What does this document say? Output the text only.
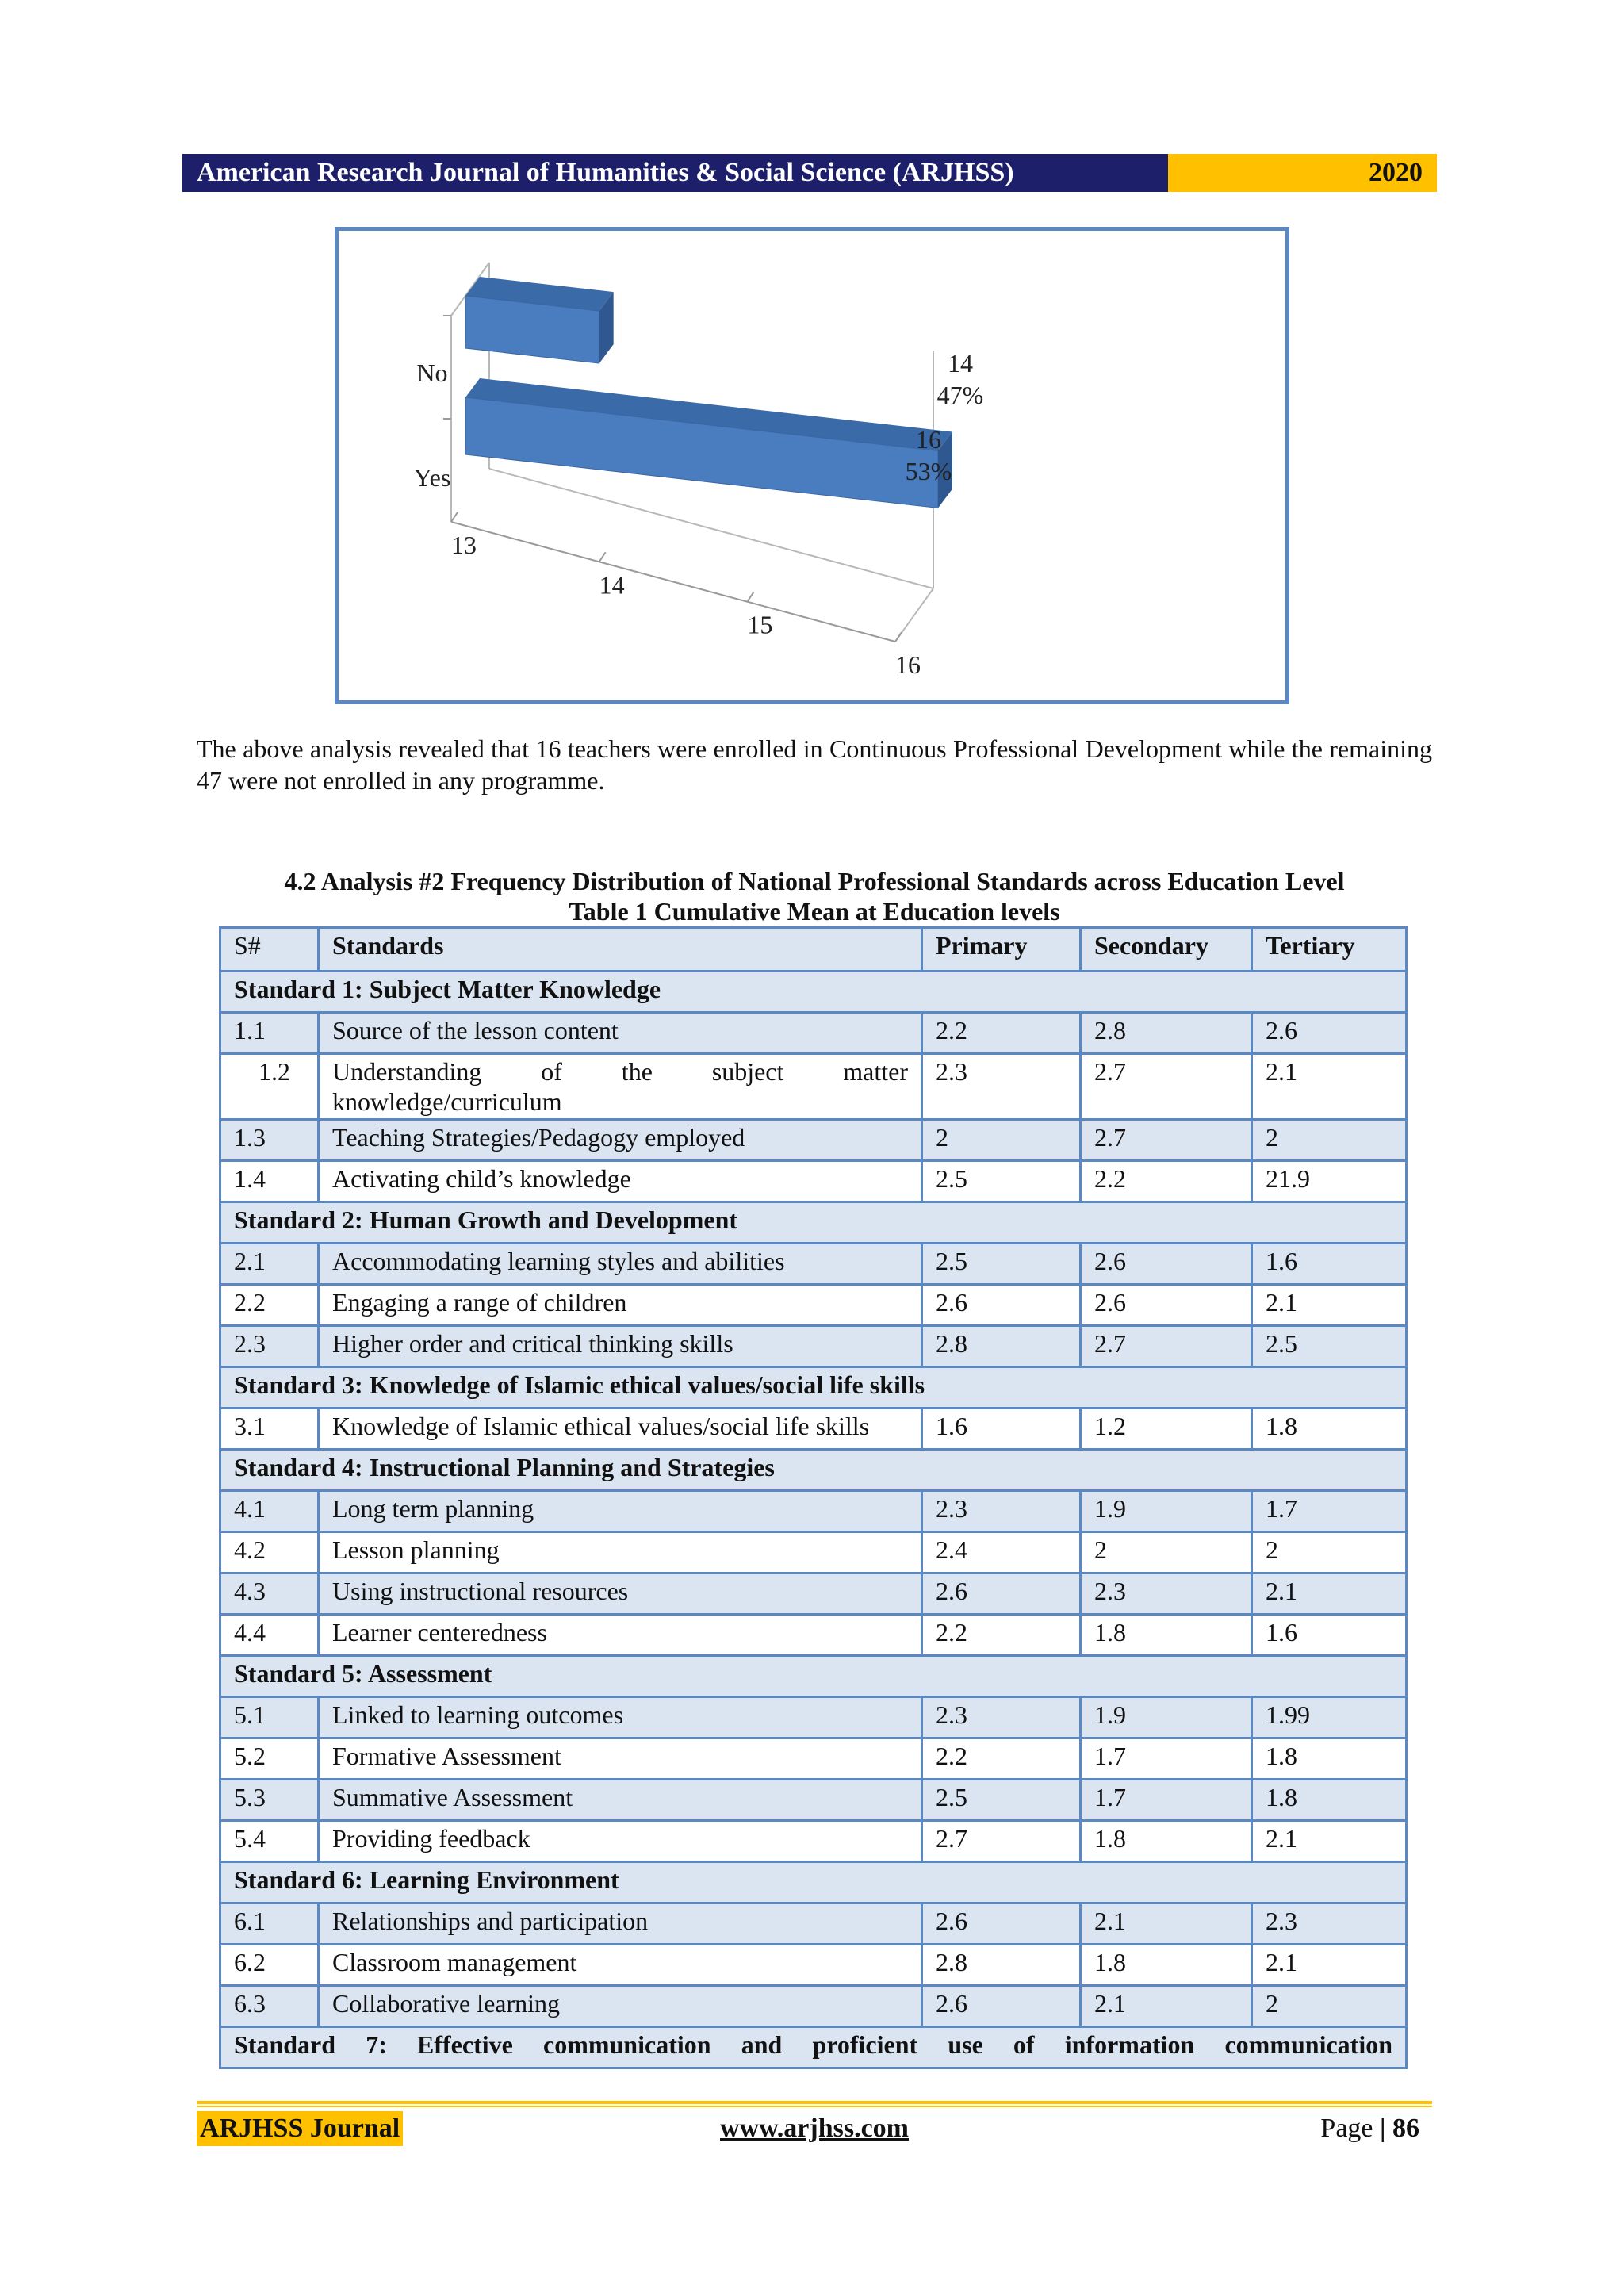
American Research Journal of Humanities & Social Science (ARJHSS)	2020
No
Yes
14
47%
16
53%
13
14
15
16
The above analysis revealed that 16 teachers were enrolled in Continuous Professional Development while the remaining 47 were not enrolled in any programme.
4.2 Analysis #2 Frequency Distribution of National Professional Standards across Education Level
Table 1 Cumulative Mean at Education levels
S#	Standards	Primary	Secondary	Tertiary
Standard 1: Subject Matter Knowledge				
1.1	Source of the lesson content	2.2	2.8	2.6
1.2	Understanding of the subject matter knowledge/curriculum	2.3	2.7	2.1
1.3	Teaching Strategies/Pedagogy employed	2	2.7	2
1.4	Activating child’s knowledge	2.5	2.2	21.9
Standard 2: Human Growth and Development				
2.1	Accommodating learning styles and abilities	2.5	2.6	1.6
2.2	Engaging a range of children	2.6	2.6	2.1
2.3	Higher order and critical thinking skills	2.8	2.7	2.5
Standard 3: Knowledge of Islamic ethical values/social life skills				
3.1	Knowledge of Islamic ethical values/social life skills	1.6	1.2	1.8
Standard 4: Instructional Planning and Strategies				
4.1	Long term planning	2.3	1.9	1.7
4.2	Lesson planning	2.4	2	2
4.3	Using instructional resources	2.6	2.3	2.1
4.4	Learner centeredness	2.2	1.8	1.6
Standard 5: Assessment				
5.1	Linked to learning outcomes	2.3	1.9	1.99
5.2	Formative Assessment	2.2	1.7	1.8
5.3	Summative Assessment	2.5	1.7	1.8
5.4	Providing feedback	2.7	1.8	2.1
Standard 6: Learning Environment				
6.1	Relationships and participation	2.6	2.1	2.3
6.2	Classroom management	2.8	1.8	2.1
6.3	Collaborative learning	2.6	2.1	2
Standard 7: Effective communication and proficient use of information communication				
ARJHSS Journal	www.arjhss.com	Page | 86
